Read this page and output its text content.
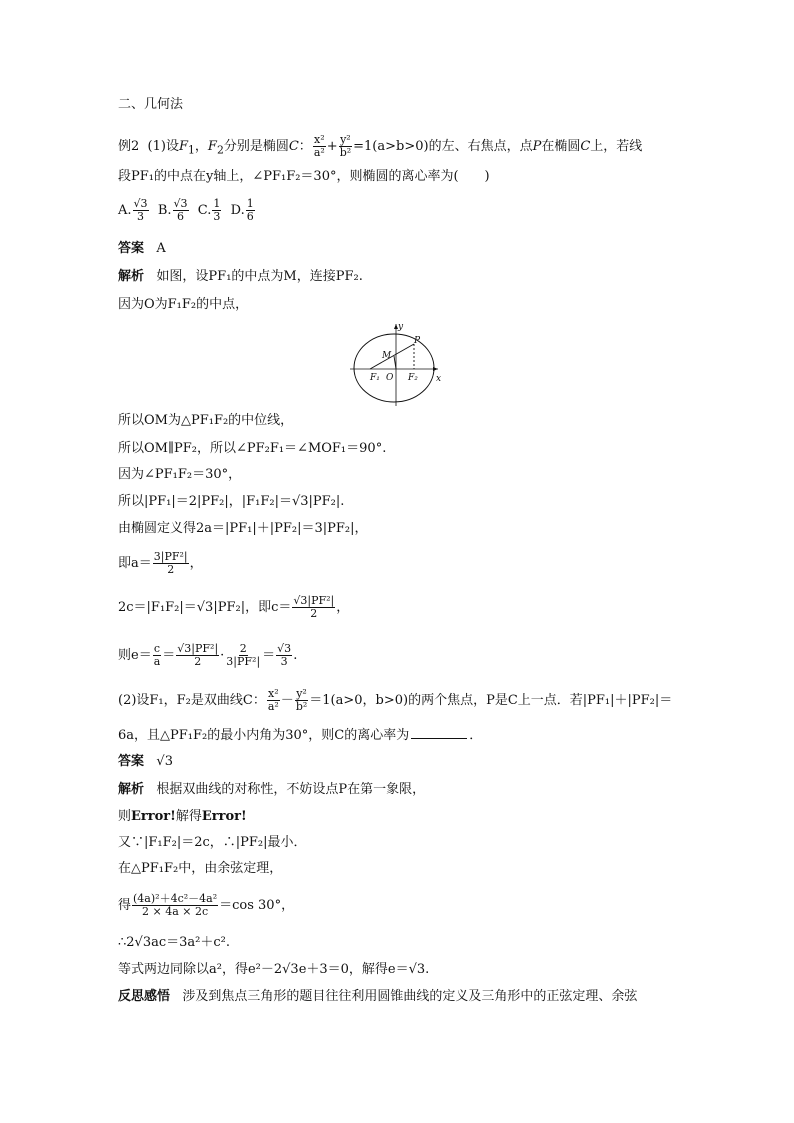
二、几何法
例2 (1)设$F_1$，$F_2$分别是椭圆C： $\frac{\text{x²}}{\text{a²}} + \frac{\text{y²}}{\text{b²}} =1(a>b>0)$的左、右焦点，点P在椭圆C上，若线
段PF₁的中点在y轴上，∠PF₁F₂＝30°，则椭圆的离心率为(　　)
A. $\frac{√3}{3} B$. $\frac{√3}{6} C$. $\frac{1}{3} D$. $\frac{1}{6}$
答案 A
解析 如图，设PF₁的中点为M，连接PF₂.
因为O为F₁F₂的中点，
y
x
P
M
F₁ O F₂
所以OM为△PF₁F₂的中位线，
所以OM∥PF₂，所以∠PF₂F₁＝∠MOF₁＝90°.
因为∠PF₁F₂＝30°，
所以|PF₁|＝2|PF₂|，|F₁F₂|＝√3|PF₂|.
由椭圆定义得2a＝|PF₁|＋|PF₂|＝3|PF₂|，
即$a= \frac{\text{3|PF²|}}{2}$ ，
2c＝|F₁F₂|＝√3|PF₂|，即$c= \frac{\text{√3|PF²|}}{2}$ ，
则$e= \frac{c}{a} = \frac{\text{√3|PF²|}}{2} \cdot \frac{2}{\text{3|PF²|}} = \frac{√3}{3}$ .
(2)设F₁，F₂是双曲线C： $\frac{\text{x²}}{\text{a²}} - \frac{\text{y²}}{\text{b²}} =1(a>0$，b>0)的两个焦点，P是C上一点．若|PF₁|＋|PF₂|＝
6a，且△PF₁F₂的最小内角为30°，则C的离心率为	．
答案 √3
解析 根据双曲线的对称性，不妨设点P在第一象限，
则Error!解得Error!
又∵|F₁F₂|＝2c，∴|PF₂|最小．
在△PF₁F₂中，由余弦定理，
得 $\frac{\text{(4a)²＋4c²－4a²}}{2 \times 4a \times 2c} =\cos$ 30°，
∴2√3ac＝3a²＋c².
等式两边同除以a²，得e²－2√3e＋3＝0，解得e＝√3.
反思感悟 涉及到焦点三角形的题目往往利用圆锥曲线的定义及三角形中的正弦定理、余弦
